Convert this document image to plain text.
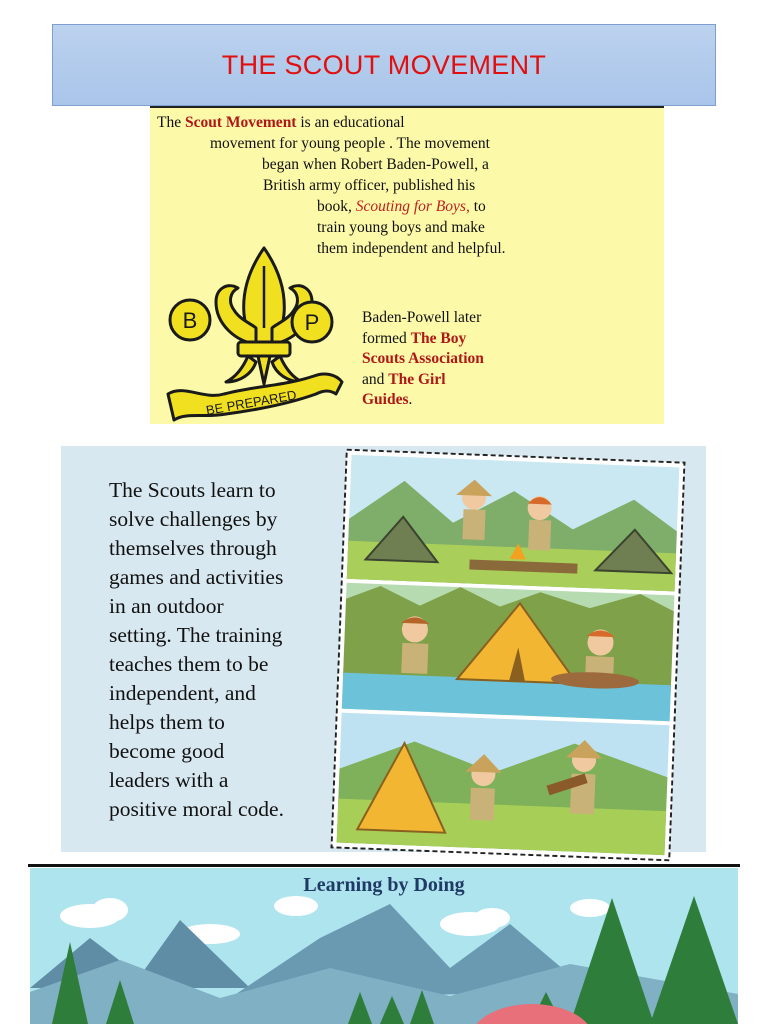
THE SCOUT MOVEMENT
The Scout Movement is an educational
movement for young people . The movement
began when Robert Baden-Powell, a
British army officer, published his
book, Scouting for Boys, to
train young boys and make
them independent and helpful.
B	P
BE PREPARED
Baden-Powell later
formed The Boy
Scouts Association
and The Girl
Guides.
The Scouts learn to
solve challenges by
themselves through
games and activities
in an outdoor
setting. The training
teaches them to be
independent, and
helps them to
become good
leaders with a
positive moral code.
Learning by Doing
